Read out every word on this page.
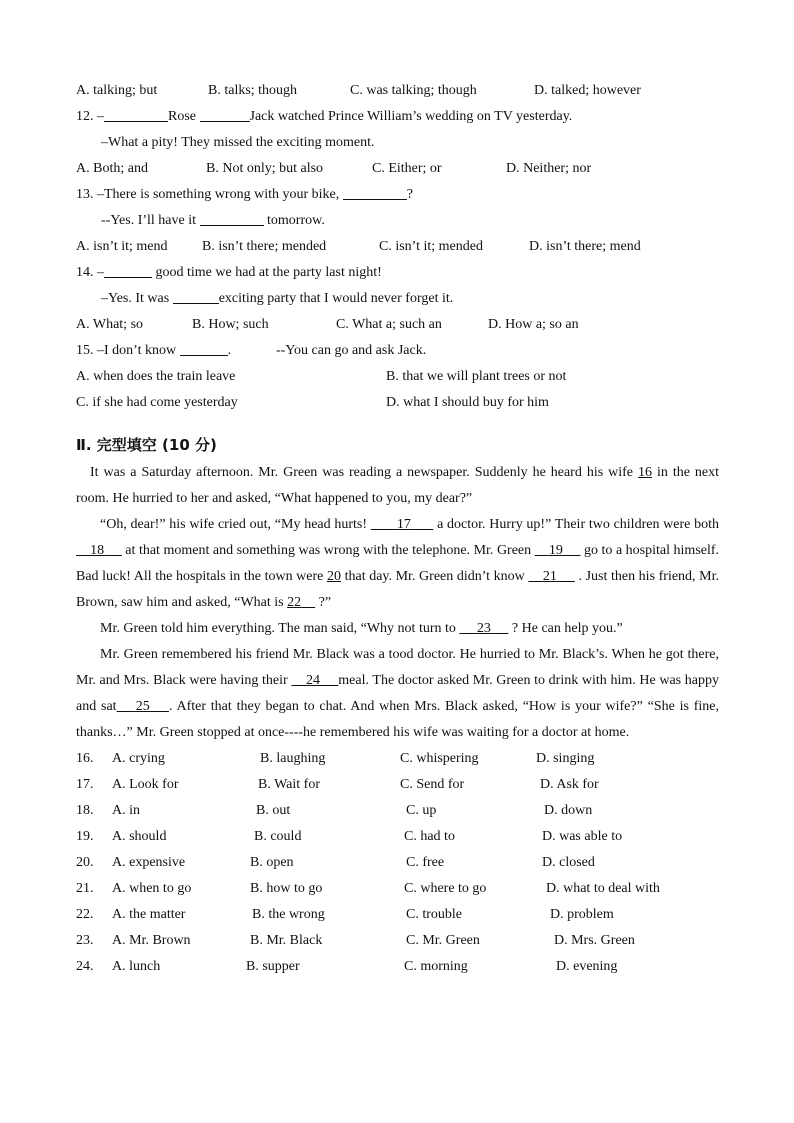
A. talking; but	B. talks; though	C. was talking; though	D. talked; however
12. –	Rose	Jack watched Prince William’s wedding on TV yesterday.
–What a pity! They missed the exciting moment.
A. Both; and	B. Not only; but also	C. Either; or	D. Neither; nor
13. –There is something wrong with your bike,	?
--Yes. I’ll have it	tomorrow.
A. isn’t it; mend B. isn’t there; mended	C. isn’t it; mended	D. isn’t there; mend
14. –	good time we had at the party last night!
–Yes. It was	exciting party that I would never forget it.
A. What; so	B. How; such	C. What a; such an	D. How a; so an
15. –I don’t know	.	--You can go and ask Jack.
A. when does the train leave	B. that we will plant trees or not
C. if she had come yesterday	D. what I should buy for him
Ⅱ. 完型填空 (10 分)

It was a Saturday afternoon. Mr. Green was reading a newspaper. Suddenly he heard his wife 16 in the next room. He hurried to her and asked, “What happened to you, my dear?”

“Oh, dear!” his wife cried out, “My head hurts!        17       a doctor. Hurry up!” Their two children were both     18      at that moment and something was wrong with the telephone. Mr. Green     19      go to a hospital himself. Bad luck! All the hospitals in the town were 20 that day. Mr. Green didn’t know     21      . Just then his friend, Mr. Brown, saw him and asked, “What is 22     ?”

Mr. Green told him everything. The man said, “Why not turn to      23      ? He can help you.”

Mr. Green remembered his friend Mr. Black was a tood doctor. He hurried to Mr. Black’s. When he got there, Mr. and Mrs. Black were having their     24 meal. The doctor asked Mr. Green to drink with him. He was happy and sat 25 . After that they began to chat. And when Mrs. Black asked, “How is your wife?” “She is fine, thanks…” Mr. Green stopped at once----he remembered his wife was waiting for a doctor at home.

16. A. crying	B. laughing	C. whispering	D. singing
17. A. Look for	B. Wait for	C. Send for	D. Ask for
18. A. in	B. out	C. up	D. down
19. A. should	B. could	C. had to	D. was able to
20. A. expensive	B. open	C. free	D. closed
21. A. when to go	B. how to go	C. where to go	D. what to deal with
22. A. the matter	B. the wrong	C. trouble	D. problem
23. A. Mr. Brown	B. Mr. Black	C. Mr. Green	D. Mrs. Green
24. A. lunch	B. supper	C. morning	D. evening
